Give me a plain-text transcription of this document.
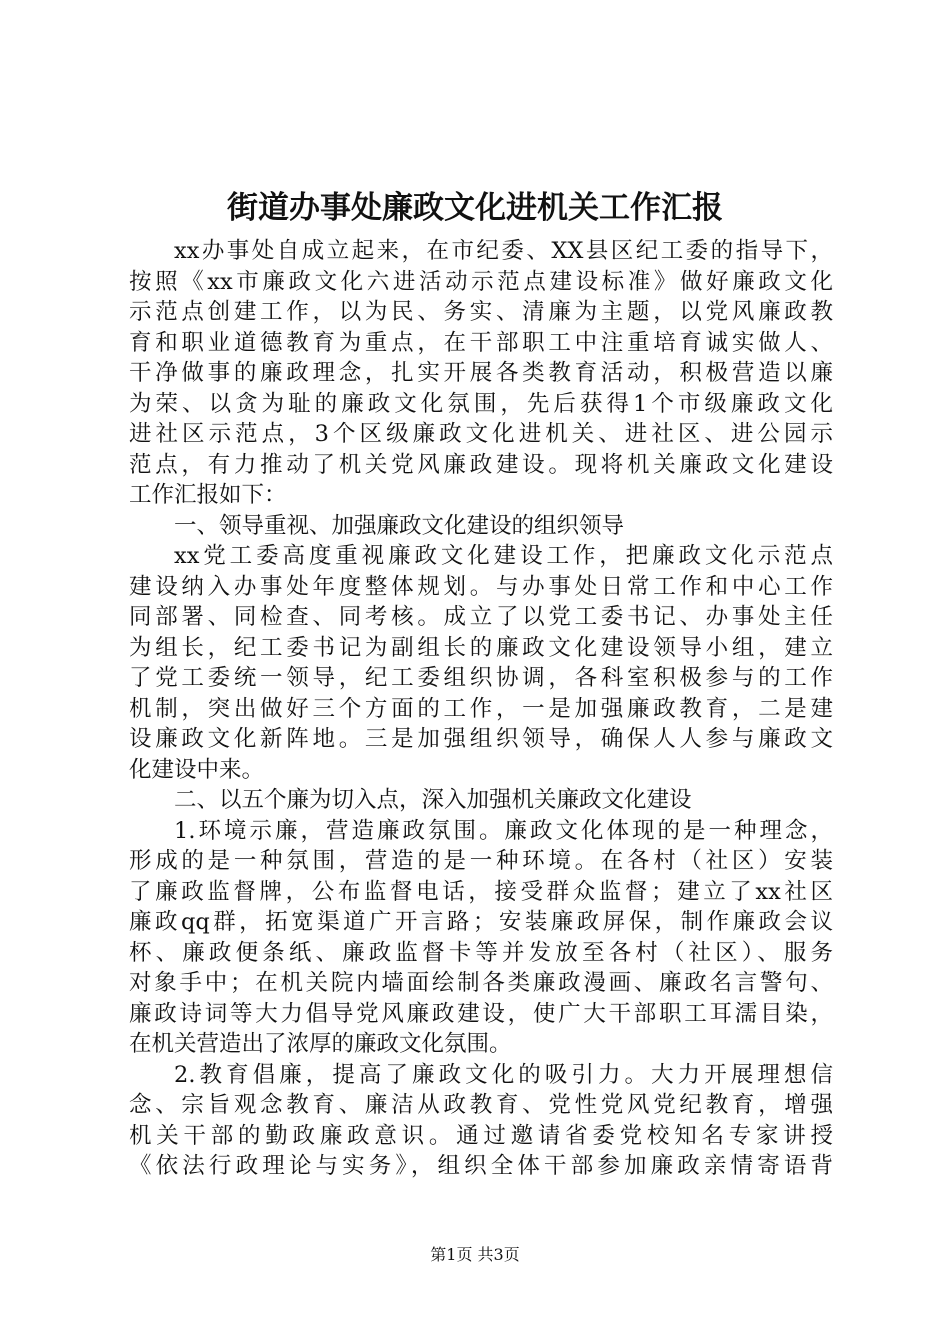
街道办事处廉政文化进机关工作汇报
xx办事处自成立起来，在市纪委、XX县区纪工委的指导下，
按照《xx市廉政文化六进活动示范点建设标准》做好廉政文化
示范点创建工作，以为民、务实、清廉为主题，以党风廉政教
育和职业道德教育为重点，在干部职工中注重培育诚实做人、
干净做事的廉政理念，扎实开展各类教育活动，积极营造以廉
为荣、以贪为耻的廉政文化氛围，先后获得1个市级廉政文化
进社区示范点，3个区级廉政文化进机关、进社区、进公园示
范点，有力推动了机关党风廉政建设。现将机关廉政文化建设
工作汇报如下：
一、领导重视、加强廉政文化建设的组织领导
xx党工委高度重视廉政文化建设工作，把廉政文化示范点
建设纳入办事处年度整体规划。与办事处日常工作和中心工作
同部署、同检查、同考核。成立了以党工委书记、办事处主任
为组长，纪工委书记为副组长的廉政文化建设领导小组，建立
了党工委统一领导，纪工委组织协调，各科室积极参与的工作
机制，突出做好三个方面的工作，一是加强廉政教育，二是建
设廉政文化新阵地。三是加强组织领导，确保人人参与廉政文
化建设中来。
二、以五个廉为切入点，深入加强机关廉政文化建设
1.环境示廉，营造廉政氛围。廉政文化体现的是一种理念，
形成的是一种氛围，营造的是一种环境。在各村（社区）安装
了廉政监督牌，公布监督电话，接受群众监督；建立了xx社区
廉政qq群，拓宽渠道广开言路；安装廉政屏保，制作廉政会议
杯、廉政便条纸、廉政监督卡等并发放至各村（社区）、服务
对象手中；在机关院内墙面绘制各类廉政漫画、廉政名言警句、
廉政诗词等大力倡导党风廉政建设，使广大干部职工耳濡目染，
在机关营造出了浓厚的廉政文化氛围。
2.教育倡廉，提高了廉政文化的吸引力。大力开展理想信
念、宗旨观念教育、廉洁从政教育、党性党风党纪教育，增强
机关干部的勤政廉政意识。通过邀请省委党校知名专家讲授
《依法行政理论与实务》，组织全体干部参加廉政亲情寄语背
第1页 共3页
